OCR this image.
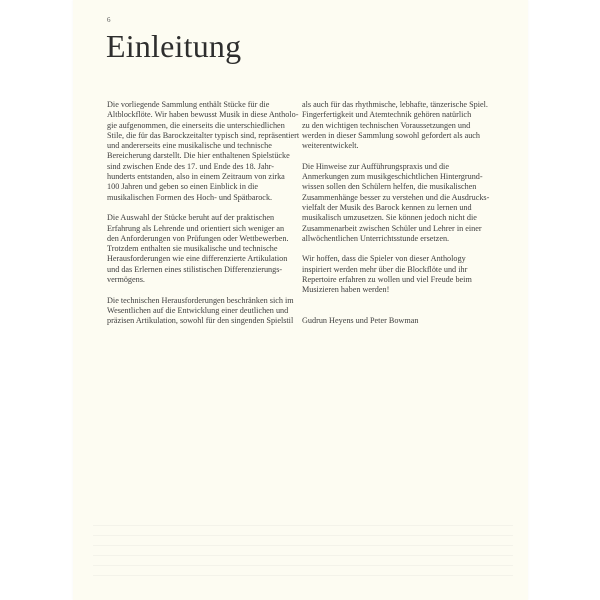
6
Einleitung

Die vorliegende Sammlung enthält Stücke für die
Altblockflöte. Wir haben bewusst Musik in diese Antholo-
gie aufgenommen, die einerseits die unterschiedlichen
Stile, die für das Barockzeitalter typisch sind, repräsentiert
und andererseits eine musikalische und technische
Bereicherung darstellt. Die hier enthaltenen Spielstücke
sind zwischen Ende des 17. und Ende des 18. Jahr-
hunderts entstanden, also in einem Zeitraum von zirka
100 Jahren und geben so einen Einblick in die
musikalischen Formen des Hoch- und Spätbarock.

Die Auswahl der Stücke beruht auf der praktischen
Erfahrung als Lehrende und orientiert sich weniger an
den Anforderungen von Prüfungen oder Wettbewerben.
Trotzdem enthalten sie musikalische und technische
Herausforderungen wie eine differenzierte Artikulation
und das Erlernen eines stilistischen Differenzierungs-
vermögens.

Die technischen Herausforderungen beschränken sich im
Wesentlichen auf die Entwicklung einer deutlichen und
präzisen Artikulation, sowohl für den singenden Spielstil

als auch für das rhythmische, lebhafte, tänzerische Spiel.
Fingerfertigkeit und Atemtechnik gehören natürlich
zu den wichtigen technischen Voraussetzungen und
werden in dieser Sammlung sowohl gefordert als auch
weiterentwickelt.

Die Hinweise zur Aufführungspraxis und die
Anmerkungen zum musikgeschichtlichen Hintergrund-
wissen sollen den Schülern helfen, die musikalischen
Zusammenhänge besser zu verstehen und die Ausdrucks-
vielfalt der Musik des Barock kennen zu lernen und
musikalisch umzusetzen. Sie können jedoch nicht die
Zusammenarbeit zwischen Schüler und Lehrer in einer
allwöchentlichen Unterrichtsstunde ersetzen.

Wir hoffen, dass die Spieler von dieser Anthology
inspiriert werden mehr über die Blockflöte und ihr
Repertoire erfahren zu wollen und viel Freude beim
Musizieren haben werden!

Gudrun Heyens und Peter Bowman
